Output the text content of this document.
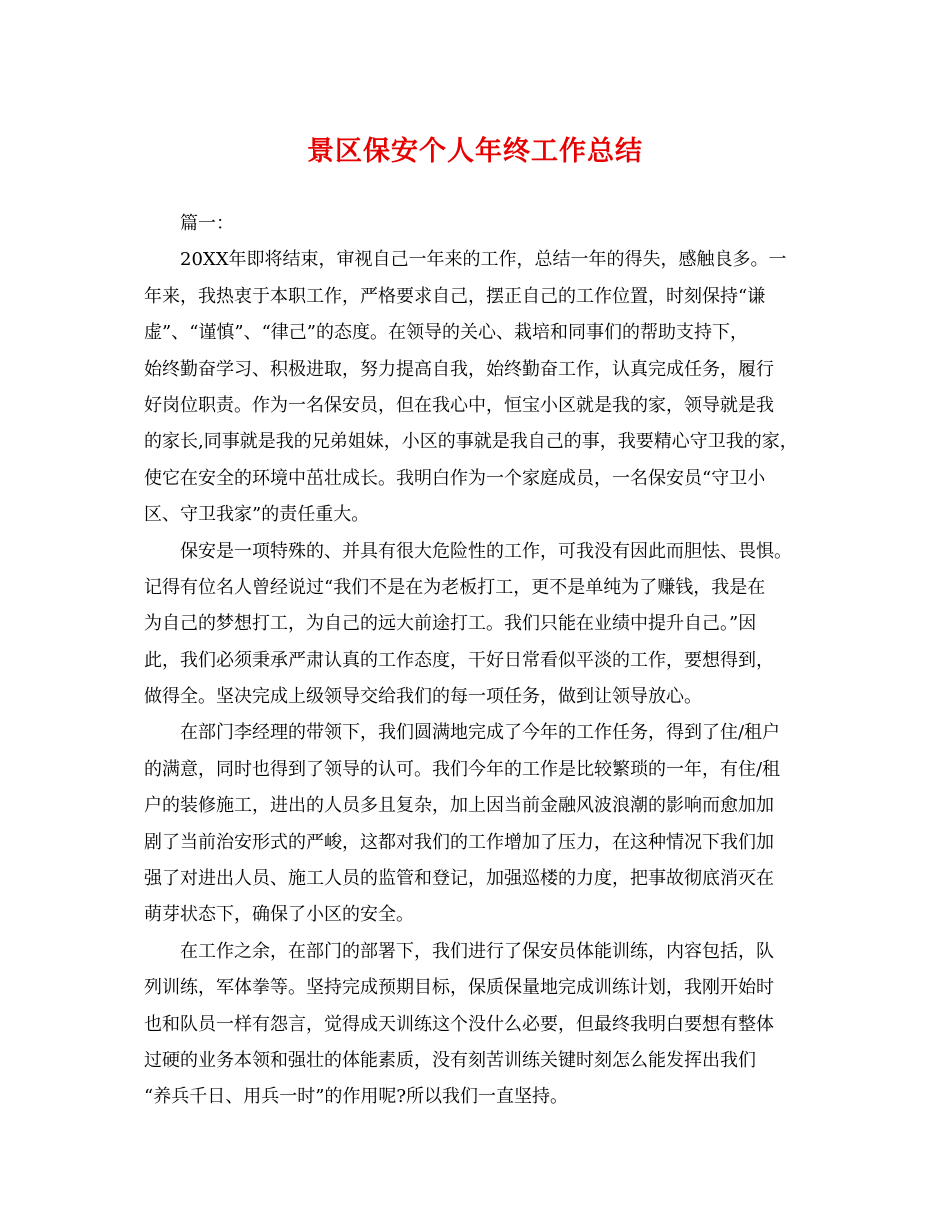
景区保安个人年终工作总结
篇一：
20XX年即将结束，审视自己一年来的工作，总结一年的得失，感触良多。一
年来，我热衷于本职工作，严格要求自己，摆正自己的工作位置，时刻保持“谦
虚”、“谨慎”、“律己”的态度。在领导的关心、栽培和同事们的帮助支持下，
始终勤奋学习、积极进取，努力提高自我，始终勤奋工作，认真完成任务，履行
好岗位职责。作为一名保安员，但在我心中，恒宝小区就是我的家，领导就是我
的家长,同事就是我的兄弟姐妹，小区的事就是我自己的事，我要精心守卫我的家，
使它在安全的环境中茁壮成长。我明白作为一个家庭成员，一名保安员“守卫小
区、守卫我家”的责任重大。
保安是一项特殊的、并具有很大危险性的工作，可我没有因此而胆怯、畏惧。
记得有位名人曾经说过“我们不是在为老板打工，更不是单纯为了赚钱，我是在
为自己的梦想打工，为自己的远大前途打工。我们只能在业绩中提升自己。”因
此，我们必须秉承严肃认真的工作态度，干好日常看似平淡的工作，要想得到，
做得全。坚决完成上级领导交给我们的每一项任务，做到让领导放心。
在部门李经理的带领下，我们圆满地完成了今年的工作任务，得到了住/租户
的满意，同时也得到了领导的认可。我们今年的工作是比较繁琐的一年，有住/租
户的装修施工，进出的人员多且复杂，加上因当前金融风波浪潮的影响而愈加加
剧了当前治安形式的严峻，这都对我们的工作增加了压力，在这种情况下我们加
强了对进出人员、施工人员的监管和登记，加强巡楼的力度，把事故彻底消灭在
萌芽状态下，确保了小区的安全。
在工作之余，在部门的部署下，我们进行了保安员体能训练，内容包括，队
列训练，军体拳等。坚持完成预期目标，保质保量地完成训练计划，我刚开始时
也和队员一样有怨言，觉得成天训练这个没什么必要，但最终我明白要想有整体
过硬的业务本领和强壮的体能素质，没有刻苦训练关键时刻怎么能发挥出我们
“养兵千日、用兵一时”的作用呢?所以我们一直坚持。
